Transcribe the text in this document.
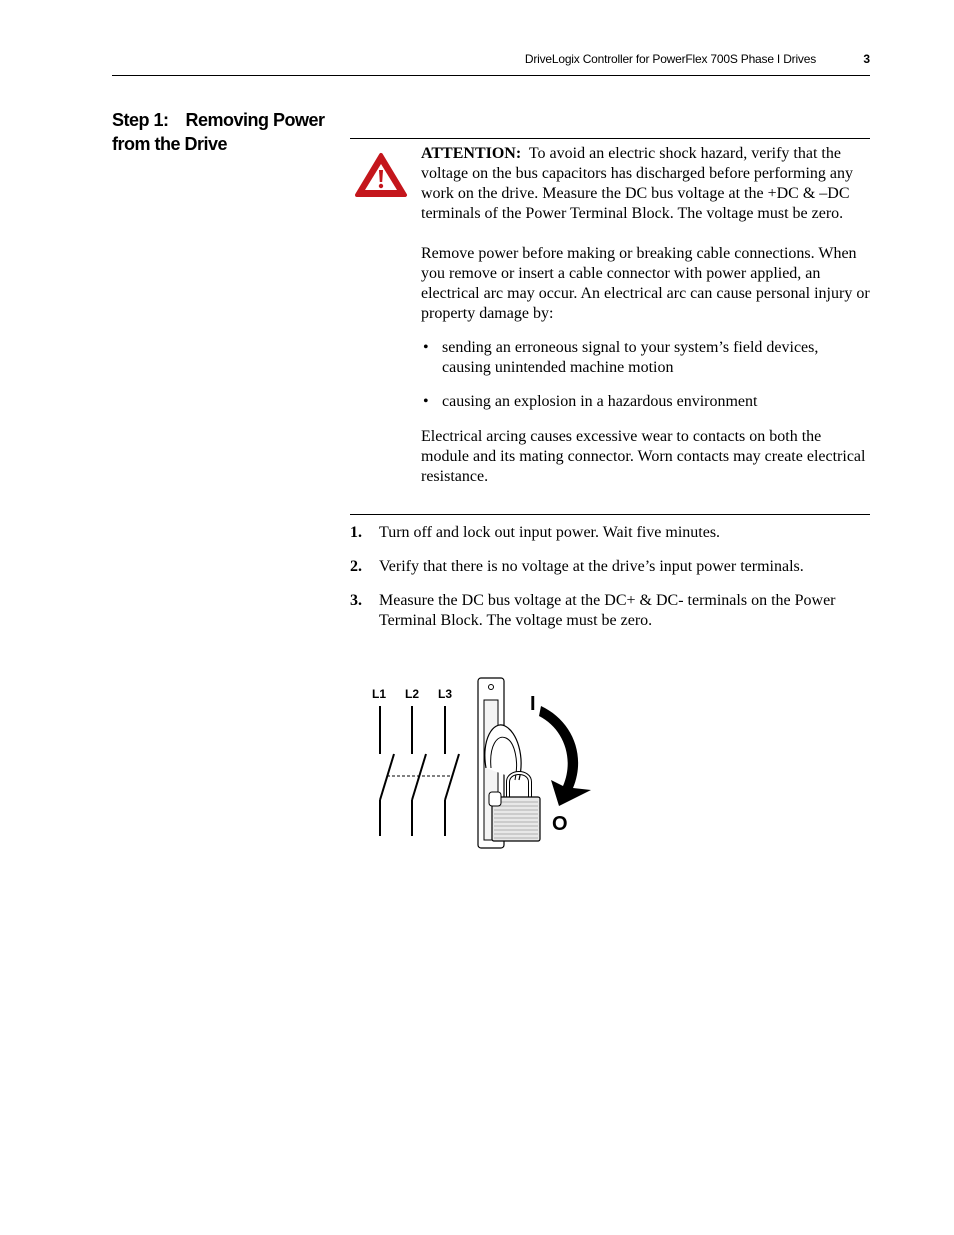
DriveLogix Controller for PowerFlex 700S Phase I Drives	3
Step 1: Removing Power
from the Drive	ATTENTION: To avoid an electric shock hazard, verify that the voltage on the bus capacitors has discharged before performing any work on the drive. Measure the DC bus voltage at the +DC & –DC terminals of the Power Terminal Block. The voltage must be zero.

Remove power before making or breaking cable connections. When you remove or insert a cable connector with power applied, an electrical arc may occur. An electrical arc can cause personal injury or property damage by:

• sending an erroneous signal to your system’s field devices, causing unintended machine motion
• causing an explosion in a hazardous environment

Electrical arcing causes excessive wear to contacts on both the module and its mating connector. Worn contacts may create electrical resistance.

1. Turn off and lock out input power. Wait five minutes.
2. Verify that there is no voltage at the drive’s input power terminals.
3. Measure the DC bus voltage at the DC+ & DC- terminals on the Power Terminal Block. The voltage must be zero.
L1 L2 L3	I
O
